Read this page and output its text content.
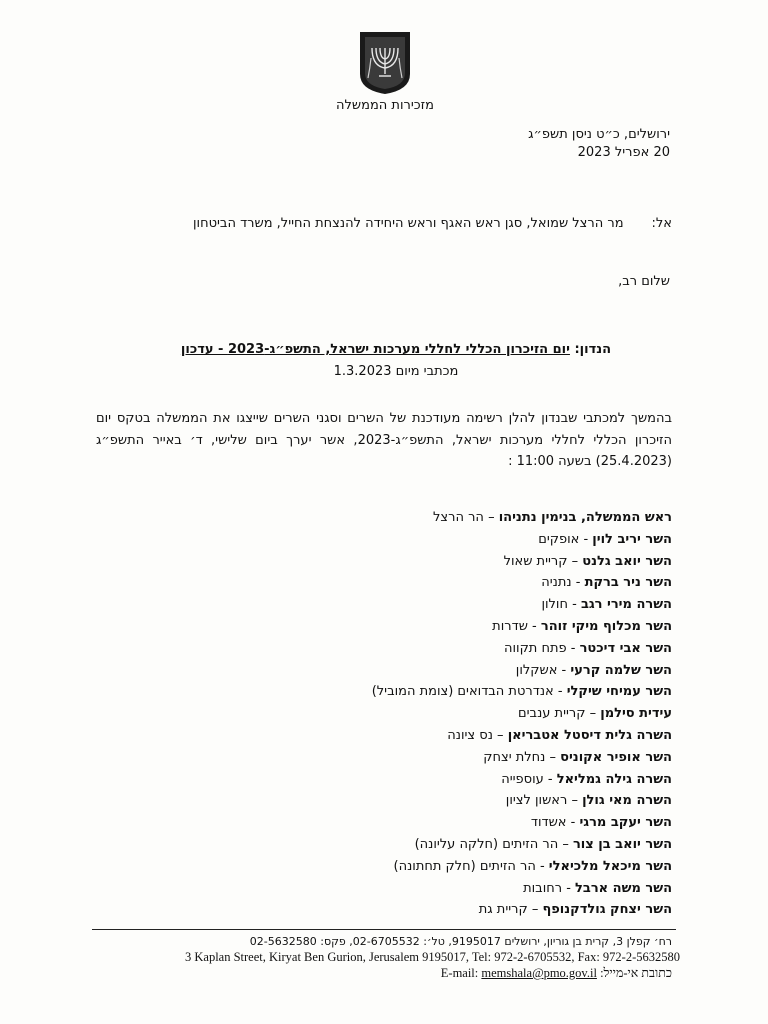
מזכירות הממשלה
ירושלים, כ״ט ניסן תשפ״ג
20 אפריל 2023
אל:מר הרצל שמואל, סגן ראש האגף וראש היחידה להנצחת החייל, משרד הביטחון
שלום רב,
הנדון: יום הזיכרון הכללי לחללי מערכות ישראל, התשפ״ג-2023 - עדכון
מכתבי מיום 1.3.2023
בהמשך למכתבי שבנדון להלן רשימה מעודכנת של השרים וסגני השרים שייצגו את הממשלה בטקס יום הזיכרון הכללי לחללי מערכות ישראל, התשפ״ג-2023, אשר יערך ביום שלישי, ד׳ באייר התשפ״ג (25.4.2023) בשעה 11:00 :
ראש הממשלה, בנימין נתניהו – הר הרצל
השר יריב לוין - אופקים
השר יואב גלנט – קריית שאול
השר ניר ברקת - נתניה
השרה מירי רגב - חולון
השר מכלוף מיקי זוהר - שדרות
השר אבי דיכטר - פתח תקווה
השר שלמה קרעי - אשקלון
השר עמיחי שיקלי - אנדרטת הבדואים (צומת המוביל)
עידית סילמן – קריית ענבים
השרה גלית דיסטל אטבריאן – נס ציונה
השר אופיר אקוניס – נחלת יצחק
השרה גילה גמליאל - עוספייה
השרה מאי גולן – ראשון לציון
השר יעקב מרגי - אשדוד
השר יואב בן צור – הר הזיתים (חלקה עליונה)
השר מיכאל מלכיאלי - הר הזיתים (חלק תחתונה)
השר משה ארבל - רחובות
השר יצחק גולדקנופף – קריית גת
רח׳ קפלן 3, קרית בן גוריון, ירושלים 9195017, טל׳: 02-6705532, פקס: 02-5632580
3 Kaplan Street, Kiryat Ben Gurion, Jerusalem 9195017, Tel: 972-2-6705532, Fax: 972-2-5632580
E-mail: memshala@pmo.gov.il כתובת אי-מייל:
